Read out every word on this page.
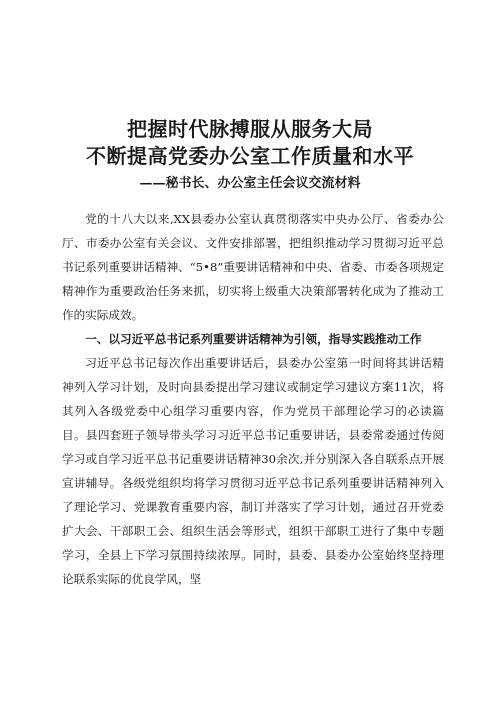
把握时代脉搏服从服务大局
不断提高党委办公室工作质量和水平

——秘书长、办公室主任会议交流材料

党的十八大以来,XX县委办公室认真贯彻落实中央办公厅、省委办公厅、市委办公室有关会议、文件安排部署，把组织推动学习贯彻习近平总书记系列重要讲话精神、“5•8”重要讲话精神和中央、省委、市委各项规定精神作为重要政治任务来抓，切实将上级重大决策部署转化成为了推动工作的实际成效。

一、以习近平总书记系列重要讲话精神为引领，指导实践推动工作

习近平总书记每次作出重要讲话后，县委办公室第一时间将其讲话精神列入学习计划，及时向县委提出学习建议或制定学习建议方案11次，将其列入各级党委中心组学习重要内容，作为党员干部理论学习的必读篇目。县四套班子领导带头学习习近平总书记重要讲话，县委常委通过传阅学习或自学习近平总书记重要讲话精神30余次,并分别深入各自联系点开展宣讲辅导。各级党组织均将学习贯彻习近平总书记系列重要讲话精神列入了理论学习、党课教育重要内容，制订并落实了学习计划，通过召开党委扩大会、干部职工会、组织生活会等形式，组织干部职工进行了集中专题学习，全县上下学习氛围持续浓厚。同时，县委、县委办公室始终坚持理论联系实际的优良学风，坚
